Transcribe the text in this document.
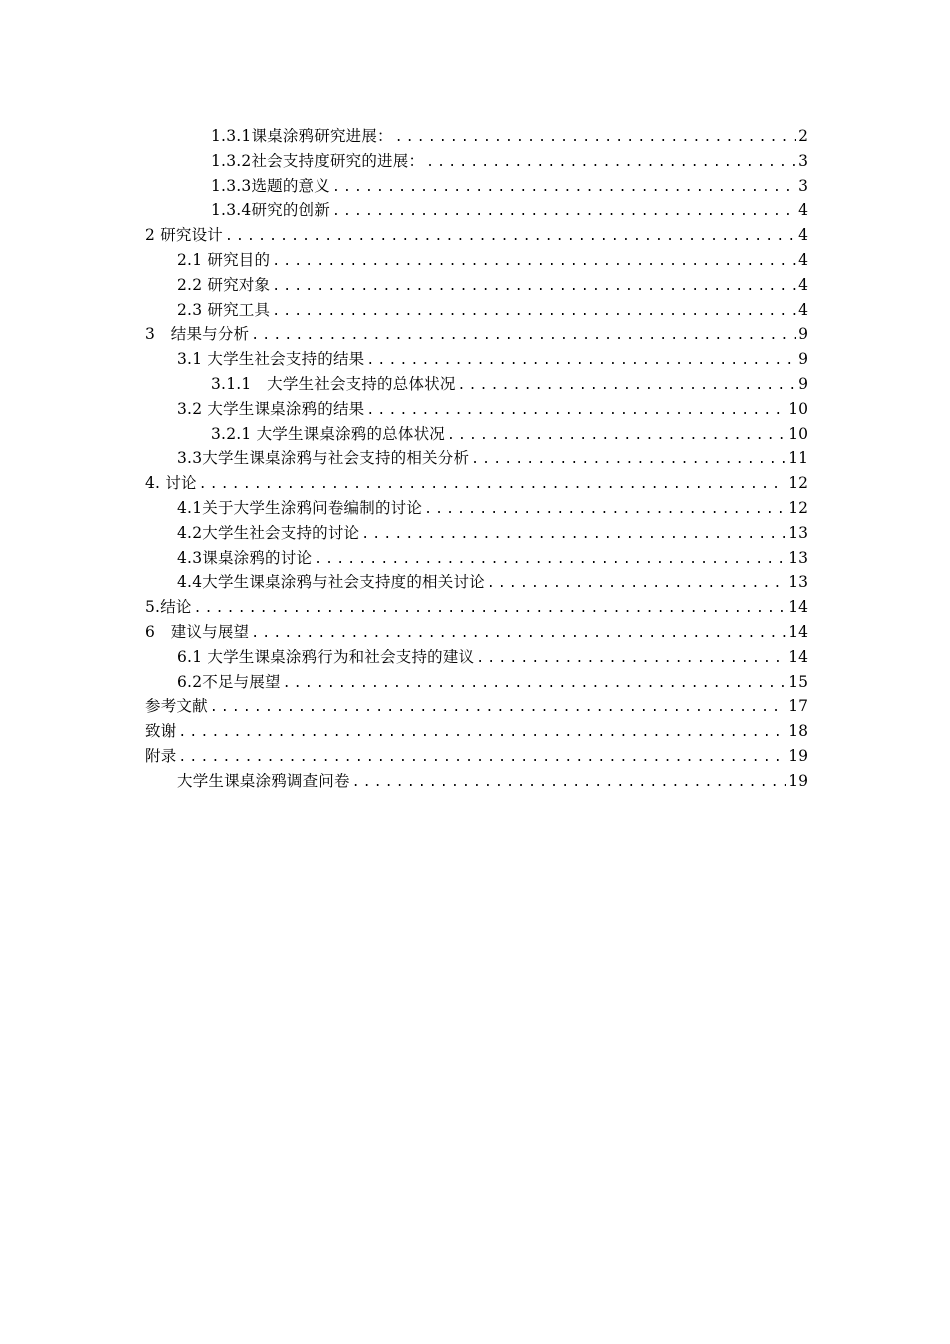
1.3.1课桌涂鸦研究进展： .....	2
1.3.2社会支持度研究的进展： .....	3
1.3.3选题的意义 .....	3
1.3.4研究的创新 .....	4
2 研究设计 .....	4
2.1 研究目的 .....	4
2.2 研究对象 .....	4
2.3 研究工具 .....	4
3　结果与分析 .....	9
3.1 大学生社会支持的结果 .....	9
3.1.1　大学生社会支持的总体状况 .....	9
3.2 大学生课桌涂鸦的结果 .....	10
3.2.1 大学生课桌涂鸦的总体状况 .....	10
3.3大学生课桌涂鸦与社会支持的相关分析 .....	11
4. 讨论 .....	12
4.1关于大学生涂鸦问卷编制的讨论 .....	12
4.2大学生社会支持的讨论 .....	13
4.3课桌涂鸦的讨论 .....	13
4.4大学生课桌涂鸦与社会支持度的相关讨论 .....	13
5.结论 .....	14
6　建议与展望 .....	14
6.1 大学生课桌涂鸦行为和社会支持的建议 .....	14
6.2不足与展望 .....	15
参考文献 .....	17
致谢 .....	18
附录 .....	19
大学生课桌涂鸦调查问卷 .....	19
